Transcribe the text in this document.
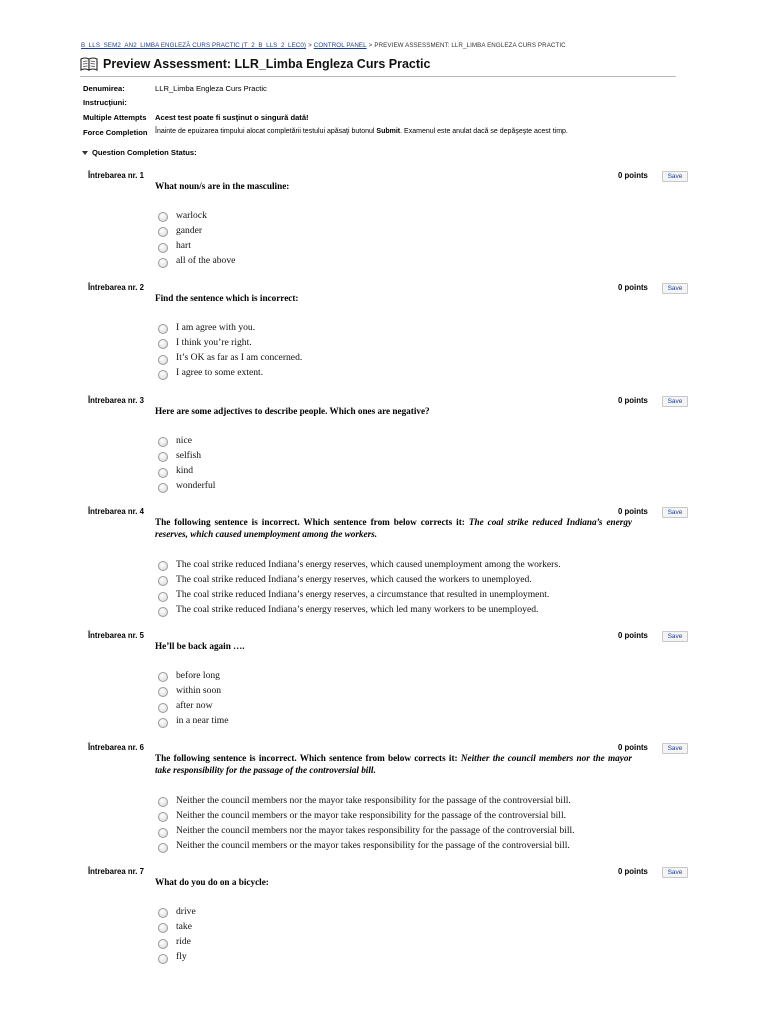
B_LLS_SEM2_AN2_LIMBA ENGLEZĂ CURS PRACTIC (T_2_B_LLS_2_LEC0) > CONTROL PANEL > PREVIEW ASSESSMENT: LLR_LIMBA ENGLEZA CURS PRACTIC
Preview Assessment: LLR_Limba Engleza Curs Practic
Denumirea:	LLR_Limba Engleza Curs Practic
Instrucţiuni:
Multiple Attempts	Acest test poate fi susţinut o singură dată!
Force Completion	Înainte de epuizarea timpului alocat completării testului apăsaţi butonul Submit. Examenul este anulat dacă se depăşeşte acest timp.
Question Completion Status:
Întrebarea nr. 1	0 points	Save
What noun/s are in the masculine:
warlock
gander
hart
all of the above
Întrebarea nr. 2	0 points	Save
Find the sentence which is incorrect:
I am agree with you.
I think you’re right.
It’s OK as far as I am concerned.
I agree to some extent.
Întrebarea nr. 3	0 points	Save
Here are some adjectives to describe people. Which ones are negative?
nice
selfish
kind
wonderful
Întrebarea nr. 4	0 points	Save
The following sentence is incorrect. Which sentence from below corrects it: The coal strike reduced Indiana’s energy reserves, which caused unemployment among the workers.
The coal strike reduced Indiana’s energy reserves, which caused unemployment among the workers.
The coal strike reduced Indiana’s energy reserves, which caused the workers to unemployed.
The coal strike reduced Indiana’s energy reserves, a circumstance that resulted in unemployment.
The coal strike reduced Indiana’s energy reserves, which led many workers to be unemployed.
Întrebarea nr. 5	0 points	Save
He’ll be back again ….
before long
within soon
after now
in a near time
Întrebarea nr. 6	0 points	Save
The following sentence is incorrect. Which sentence from below corrects it: Neither the council members nor the mayor take responsibility for the passage of the controversial bill.
Neither the council members nor the mayor take responsibility for the passage of the controversial bill.
Neither the council members or the mayor take responsibility for the passage of the controversial bill.
Neither the council members nor the mayor takes responsibility for the passage of the controversial bill.
Neither the council members or the mayor takes responsibility for the passage of the controversial bill.
Întrebarea nr. 7	0 points	Save
What do you do on a bicycle:
drive
take
ride
fly
